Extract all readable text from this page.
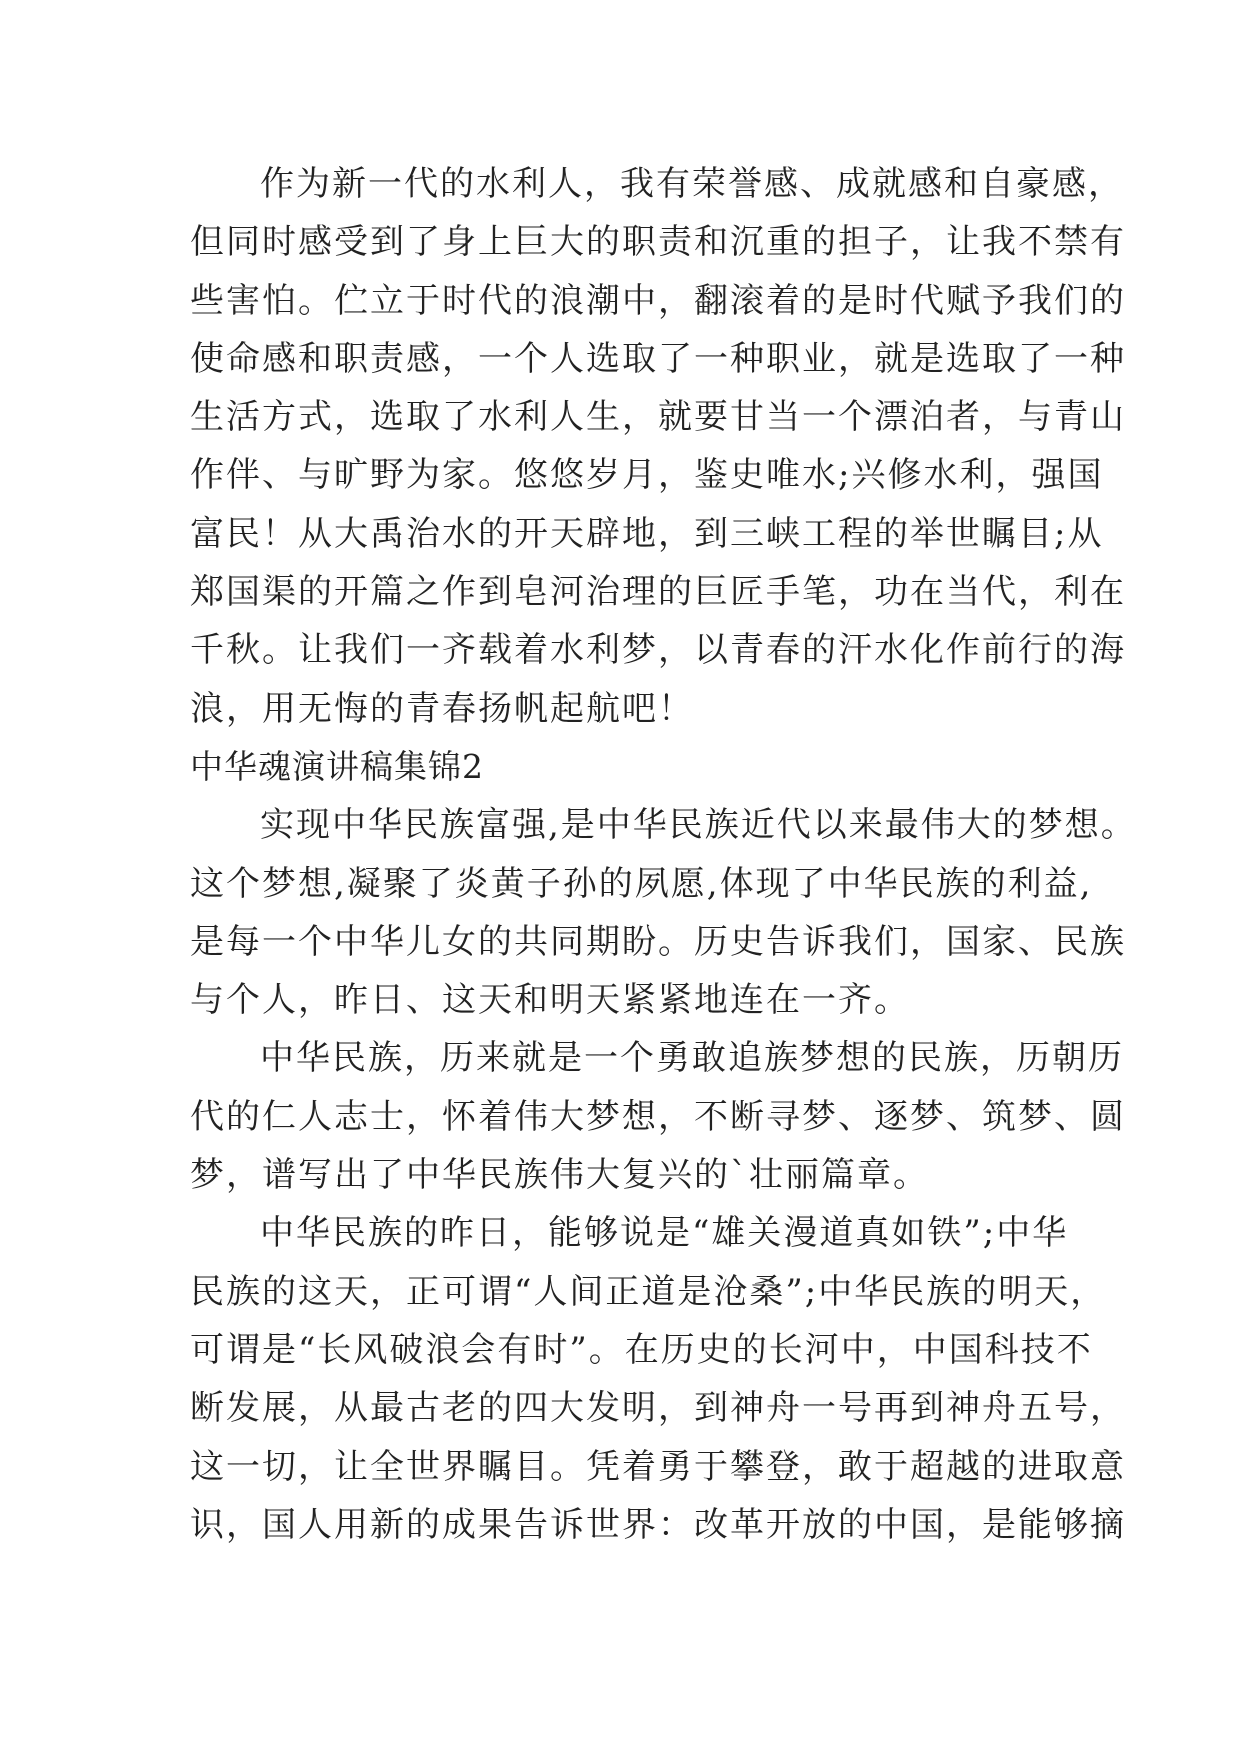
作为新一代的水利人，我有荣誉感、成就感和自豪感，
但同时感受到了身上巨大的职责和沉重的担子，让我不禁有
些害怕。伫立于时代的浪潮中，翻滚着的是时代赋予我们的
使命感和职责感，一个人选取了一种职业，就是选取了一种
生活方式，选取了水利人生，就要甘当一个漂泊者，与青山
作伴、与旷野为家。悠悠岁月，鉴史唯水;兴修水利，强国
富民！从大禹治水的开天辟地，到三峡工程的举世瞩目;从
郑国渠的开篇之作到皂河治理的巨匠手笔，功在当代，利在
千秋。让我们一齐载着水利梦，以青春的汗水化作前行的海
浪，用无悔的青春扬帆起航吧！
中华魂演讲稿集锦2
实现中华民族富强,是中华民族近代以来最伟大的梦想。
这个梦想,凝聚了炎黄子孙的夙愿,体现了中华民族的利益,
是每一个中华儿女的共同期盼。历史告诉我们，国家、民族
与个人，昨日、这天和明天紧紧地连在一齐。
中华民族，历来就是一个勇敢追族梦想的民族，历朝历
代的仁人志士，怀着伟大梦想，不断寻梦、逐梦、筑梦、圆
梦，谱写出了中华民族伟大复兴的`壮丽篇章。
中华民族的昨日，能够说是“雄关漫道真如铁”;中华
民族的这天，正可谓“人间正道是沧桑”;中华民族的明天，
可谓是“长风破浪会有时”。在历史的长河中，中国科技不
断发展，从最古老的四大发明，到神舟一号再到神舟五号，
这一切，让全世界瞩目。凭着勇于攀登，敢于超越的进取意
识，国人用新的成果告诉世界：改革开放的中国，是能够摘
